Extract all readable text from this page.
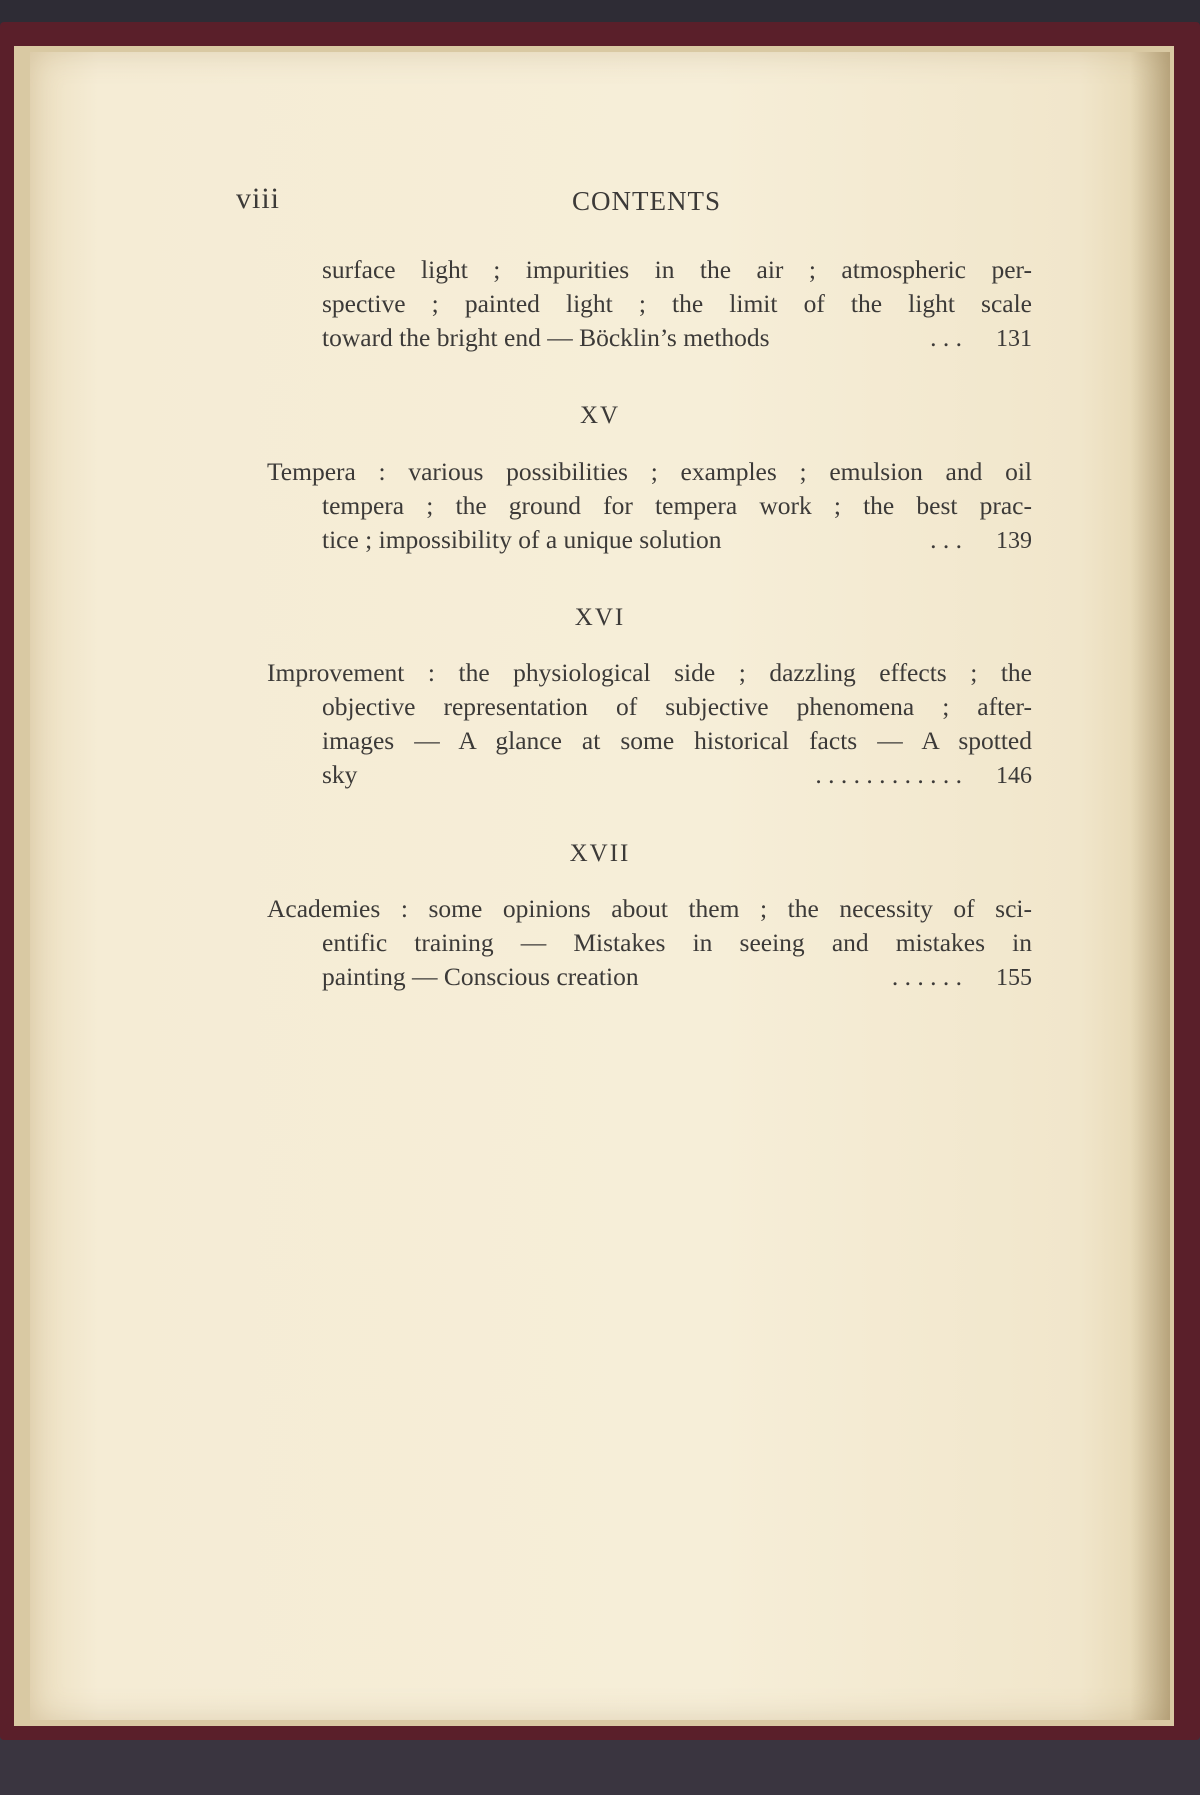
viii	CONTENTS
surface light ; impurities in the air ; atmospheric per-
spective ; painted light ; the limit of the light scale
toward the bright end — Böcklin’s methods	. . .	131
XV
Tempera : various possibilities ; examples ; emulsion and oil
tempera ; the ground for tempera work ; the best prac-
tice ; impossibility of a unique solution	. . .	139
XVI
Improvement : the physiological side ; dazzling effects ; the
objective representation of subjective phenomena ; after-
images — A glance at some historical facts — A spotted
sky	. . . . . . . . . . . .	146
XVII
Academies : some opinions about them ; the necessity of sci-
entific training — Mistakes in seeing and mistakes in
painting — Conscious creation	. . . . . .	155
